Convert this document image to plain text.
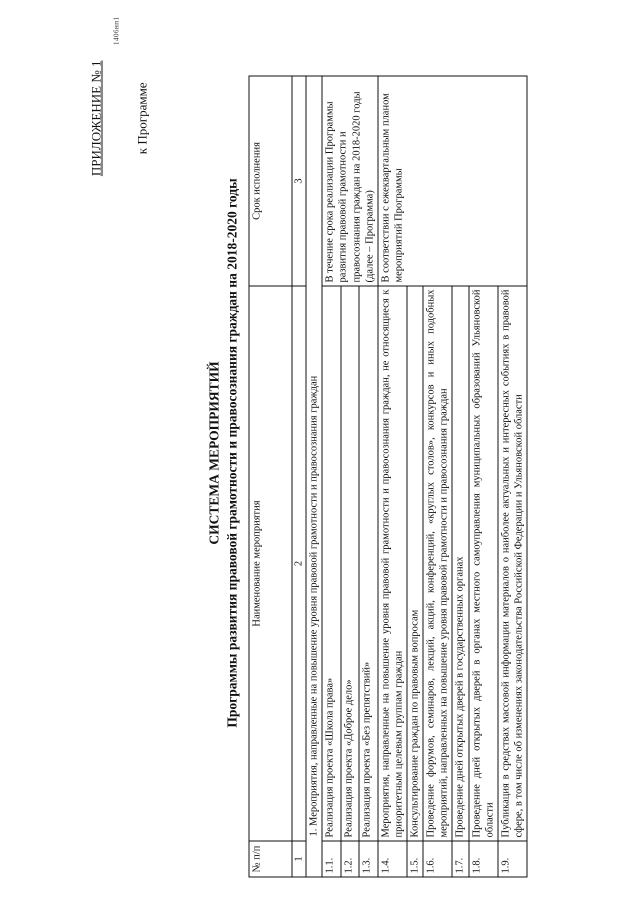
ПРИЛОЖЕНИЕ № 1 к Программе
1406нп1
СИСТЕМА МЕРОПРИЯТИЙ Программы развития правовой грамотности и правосознания граждан на 2018-2020 годы
№ п/п	Наименование мероприятия	Срок исполнения
1	2	3
1. Мероприятия, направленные на повышение уровня правовой грамотности и правосознания граждан		
1.1.	Реализация проекта «Школа права»	В течение срока реализации Программы развития правовой грамотности и правосознания граждан на 2018-2020 годы (далее – Программа)
1.2.	Реализация проекта «Доброе дело»	
1.3.	Реализация проекта «Без препятствий»	
1.4.	Мероприятия, направленные на повышение уровня правовой грамотности и правосознания граждан, не относящиеся к приоритетным целевым группам граждан	В соответствии с ежеквартальным планом мероприятий Программы
1.5.	Консультирование граждан по правовым вопросам	
1.6.	Проведение форумов, семинаров, лекций, акций, конференций, «круглых столов», конкурсов и иных подобных мероприятий, направленных на повышение уровня правовой грамотности и правосознания граждан	
1.7.	Проведение дней открытых дверей в государственных органах	
1.8.	Проведение дней открытых дверей в органах местного самоуправления муниципальных образований Ульяновской области	
1.9.	Публикация в средствах массовой информации материалов о наиболее актуальных и интересных событиях в правовой сфере, в том числе об изменениях законодательства Российской Федерации и Ульяновской области	
